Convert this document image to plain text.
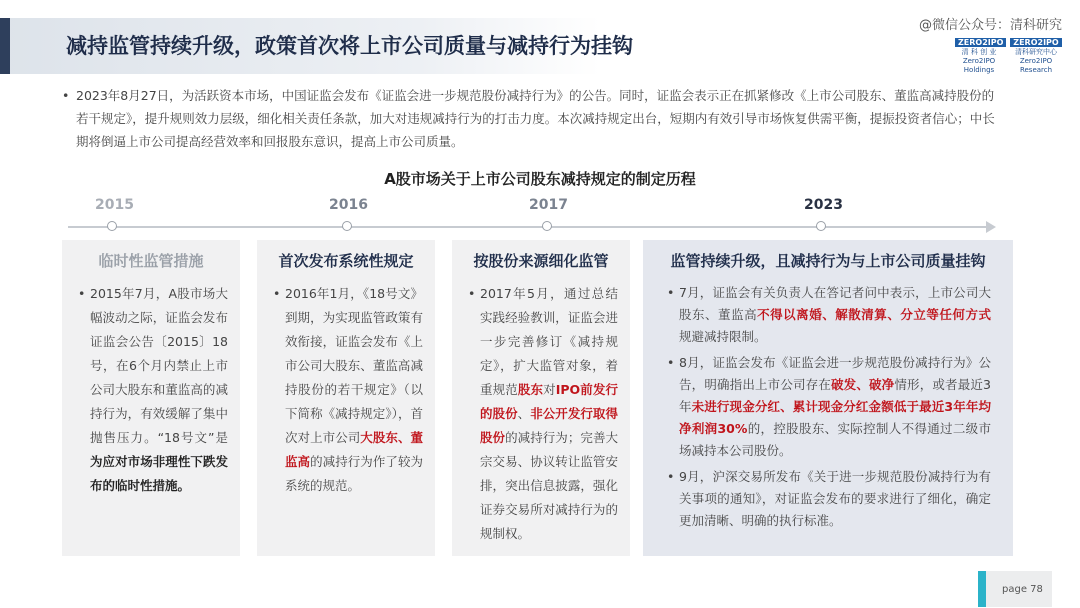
减持监管持续升级，政策首次将上市公司质量与减持行为挂钩
@微信公众号：清科研究
ZERO2IPO
清 科 创 业
Zero2IPO Holdings
ZERO2IPO
清科研究中心
Zero2IPO Research
• 2023年8月27日，为活跃资本市场，中国证监会发布《证监会进一步规范股份减持行为》的公告。同时，证监会表示正在抓紧修改《上市公司股东、董监高减持股份的若干规定》，提升规则效力层级，细化相关责任条款，加大对违规减持行为的打击力度。本次减持规定出台，短期内有效引导市场恢复供需平衡，提振投资者信心；中长期将倒逼上市公司提高经营效率和回报股东意识，提高上市公司质量。
A股市场关于上市公司股东减持规定的制定历程
2015	2016	2017	2023
临时性监管措施
• 2015年7月，A股市场大幅波动之际，证监会发布证监会公告〔2015〕18号，在6个月内禁止上市公司大股东和董监高的减持行为，有效缓解了集中抛售压力。“18号文”是为应对市场非理性下跌发布的临时性措施。
首次发布系统性规定
• 2016年1月，《18号文》到期，为实现监管政策有效衔接，证监会发布《上市公司大股东、董监高减持股份的若干规定》（以下简称《减持规定》），首次对上市公司大股东、董监高的减持行为作了较为系统的规范。
按股份来源细化监管
• 2017年5月，通过总结实践经验教训，证监会进一步完善修订《减持规定》，扩大监管对象，着重规范股东对IPO前发行的股份、非公开发行取得股份的减持行为；完善大宗交易、协议转让监管安排，突出信息披露，强化证券交易所对减持行为的规制权。
监管持续升级，且减持行为与上市公司质量挂钩
• 7月，证监会有关负责人在答记者问中表示，上市公司大股东、董监高不得以离婚、解散清算、分立等任何方式规避减持限制。
• 8月，证监会发布《证监会进一步规范股份减持行为》公告，明确指出上市公司存在破发、破净情形，或者最近3年未进行现金分红、累计现金分红金额低于最近3年年均净利润30%的，控股股东、实际控制人不得通过二级市场减持本公司股份。
• 9月，沪深交易所发布《关于进一步规范股份减持行为有关事项的通知》，对证监会发布的要求进行了细化，确定更加清晰、明确的执行标准。
page 78
